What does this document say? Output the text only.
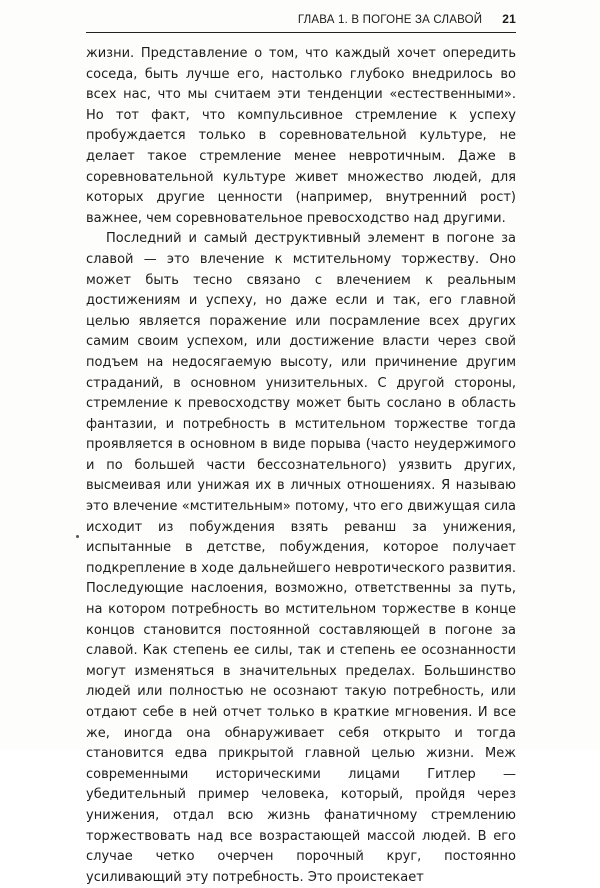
ГЛАВА 1. В ПОГОНЕ ЗА СЛАВОЙ 21

жизни. Представление о том, что каждый хочет опередить соседа, быть лучше его, настолько глубоко внедрилось во всех нас, что мы считаем эти тенденции «естественными». Но тот факт, что компульсивное стремление к успеху пробуждается только в соревновательной культуре, не делает такое стремление менее невротичным. Даже в соревновательной культуре живет множество людей, для которых другие ценности (например, внутренний рост) важнее, чем соревновательное превосходство над другими.

Последний и самый деструктивный элемент в погоне за славой — это влечение к мстительному торжеству. Оно может быть тесно связано с влечением к реальным достижениям и успеху, но даже если и так, его главной целью является поражение или посрамление всех других самим своим успехом, или достижение власти через свой подъем на недосягаемую высоту, или причинение другим страданий, в основном унизительных. С другой стороны, стремление к превосходству может быть сослано в область фантазии, и потребность в мстительном торжестве тогда проявляется в основном в виде порыва (часто неудержимого и по большей части бессознательного) уязвить других, высмеивая или унижая их в личных отношениях. Я называю это влечение «мстительным» потому, что его движущая сила исходит из побуждения взять реванш за унижения, испытанные в детстве, побуждения, которое получает подкрепление в ходе дальнейшего невротического развития. Последующие наслоения, возможно, ответственны за путь, на котором потребность во мстительном торжестве в конце концов становится постоянной составляющей в погоне за славой. Как степень ее силы, так и степень ее осознанности могут изменяться в значительных пределах. Большинство людей или полностью не осознают такую потребность, или отдают себе в ней отчет только в краткие мгновения. И все же, иногда она обнаруживает себя открыто и тогда становится едва прикрытой главной целью жизни. Меж современными историческими лицами Гитлер — убедительный пример человека, который, пройдя через унижения, отдал всю жизнь фанатичному стремлению торжествовать над все возрастающей массой людей. В его случае четко очерчен порочный круг, постоянно усиливающий эту потребность. Это проистекает
